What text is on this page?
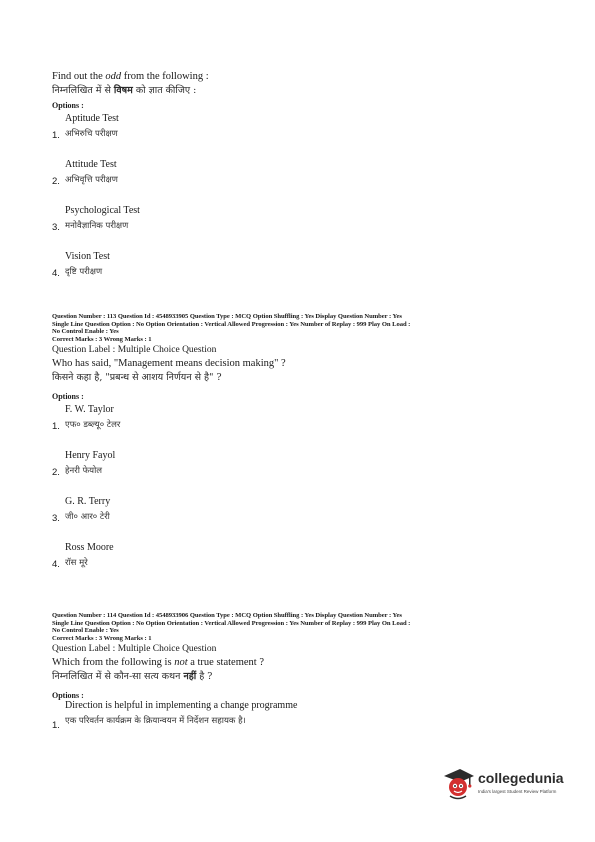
Find out the odd from the following :
निम्नलिखित में से विषम को ज्ञात कीजिए :
Options :
1.
Aptitude Test
अभिरुचि परीक्षण
2.
Attitude Test
अभिवृत्ति परीक्षण
3.
Psychological Test
मनोवैज्ञानिक परीक्षण
4.
Vision Test
दृष्टि परीक्षण
Question Number : 113 Question Id : 4548933905 Question Type : MCQ Option Shuffling : Yes Display Question Number : Yes
Single Line Question Option : No Option Orientation : Vertical Allowed Progression : Yes Number of Replay : 999 Play On Load :
No Control Enable : Yes
Correct Marks : 3 Wrong Marks : 1
Question Label : Multiple Choice Question
Who has said, "Management means decision making" ?
किसने कहा है, "प्रबन्ध से आशय निर्णयन से है" ?
Options :
1.
F. W. Taylor
एफ० डब्ल्यू० टेलर
2.
Henry Fayol
हेनरी फेयोल
3.
G. R. Terry
जी० आर० टेरी
4.
Ross Moore
रॉस मूरे
Question Number : 114 Question Id : 4548933906 Question Type : MCQ Option Shuffling : Yes Display Question Number : Yes
Single Line Question Option : No Option Orientation : Vertical Allowed Progression : Yes Number of Replay : 999 Play On Load :
No Control Enable : Yes
Correct Marks : 3 Wrong Marks : 1
Question Label : Multiple Choice Question
Which from the following is not a true statement ?
निम्नलिखित में से कौन-सा सत्य कथन नहीं है ?
Options :
1.
Direction is helpful in implementing a change programme
एक परिवर्तन कार्यक्रम के क्रियान्वयन में निर्देशन सहायक है।
collegedunia
India's largest Student Review Platform
